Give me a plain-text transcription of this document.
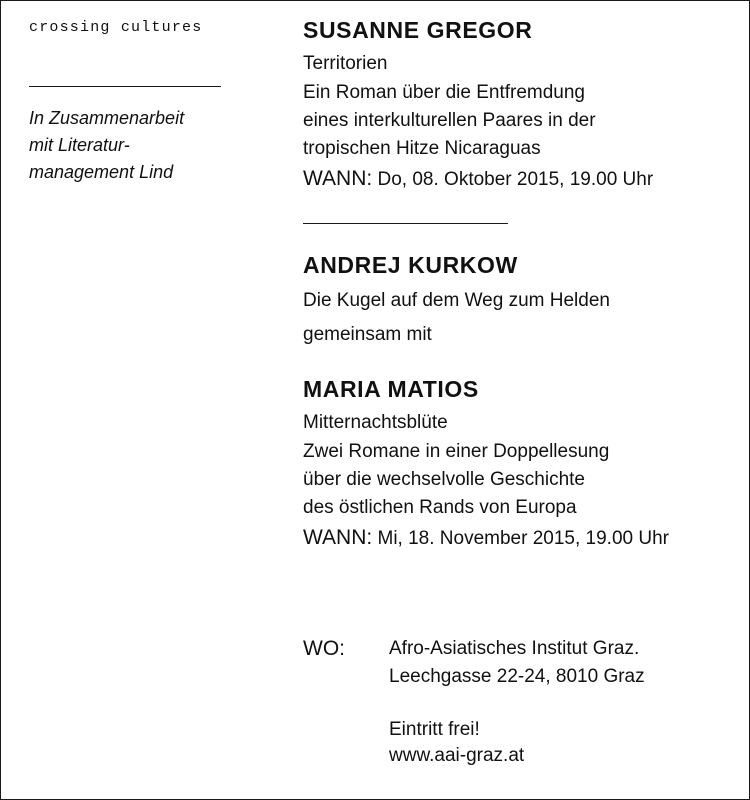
crossing cultures
In Zusammenarbeit
mit Literatur-
management Lind
SUSANNE GREGOR
Territorien
Ein Roman über die Entfremdung
eines interkulturellen Paares in der
tropischen Hitze Nicaraguas
WANN: Do, 08. Oktober 2015, 19.00 Uhr
ANDREJ KURKOW
Die Kugel auf dem Weg zum Helden
gemeinsam mit
MARIA MATIOS
Mitternachtsblüte
Zwei Romane in einer Doppellesung
über die wechselvolle Geschichte
des östlichen Rands von Europa
WANN: Mi, 18. November 2015, 19.00 Uhr
WO:	Afro-Asiatisches Institut Graz.
Leechgasse 22-24, 8010 Graz
Eintritt frei!
www.aai-graz.at
